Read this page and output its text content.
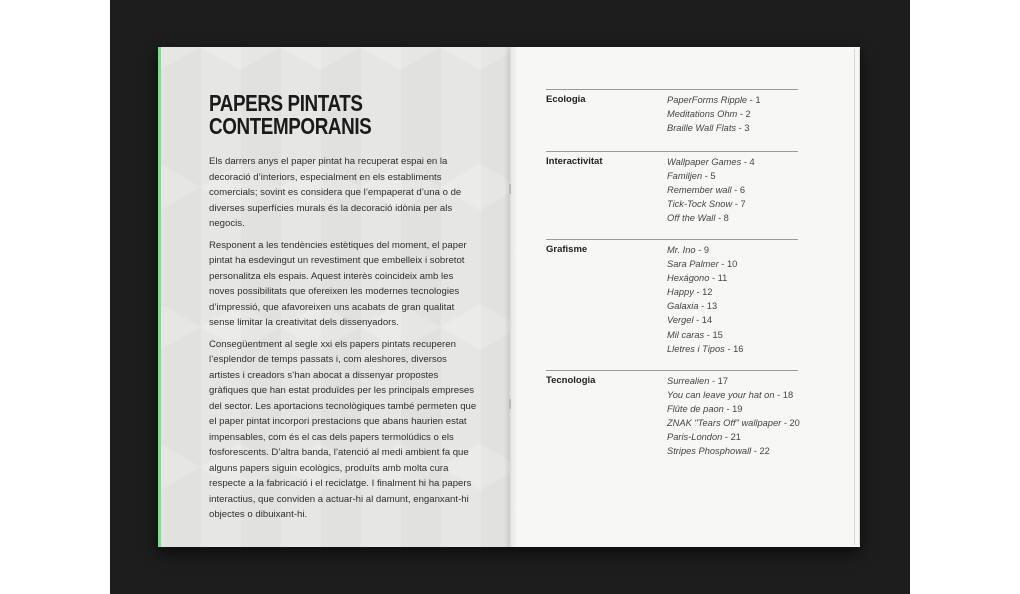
PAPERS PINTATS
CONTEMPORANIS

Els darrers anys el paper pintat ha recuperat espai en la decoració d’interiors, especialment en els establiments comercials; sovint es considera que l’empaperat d’una o de diverses superfícies murals és la decoració idònia per als negocis.

Responent a les tendències estètiques del moment, el paper pintat ha esdevingut un revestiment que embelleix i sobretot personalitza els espais. Aquest interès coincideix amb les noves possibilitats que ofereixen les modernes tecnologies d’impressió, que afavoreixen uns acabats de gran qualitat sense limitar la creativitat dels dissenyadors.

Consegüentment al segle xxi els papers pintats recuperen l’esplendor de temps passats i, com aleshores, diversos artistes i creadors s’han abocat a dissenyar propostes gràfiques que han estat produïdes per les principals empreses del sector. Les aportacions tecnològiques també permeten que el paper pintat incorpori prestacions que abans haurien estat impensables, com és el cas dels papers termolúdics o els fosforescents. D’altra banda, l’atenció al medi ambient fa que alguns papers siguin ecològics, produïts amb molta cura respecte a la fabricació i el reciclatge. I finalment hi ha papers interactius, que conviden a actuar-hi al damunt, enganxant-hi objectes o dibuixant-hi.

Ecologia	PaperForms Ripple - 1
Meditations Ohm - 2
Braille Wall Flats - 3
Interactivitat	Wallpaper Games - 4
Familjen - 5
Remember wall - 6
Tick-Tock Snow - 7
Off the Wall - 8
Grafisme	Mr. Ino - 9
Sara Palmer - 10
Hexágono - 11
Happy - 12
Galaxia - 13
Vergel - 14
Mil caras - 15
Lletres i Tipos - 16
Tecnologia	Surrealien - 17
You can leave your hat on - 18
Flûte de paon - 19
ZNAK "Tears Off" wallpaper - 20
Paris-London - 21
Stripes Phosphowall - 22
